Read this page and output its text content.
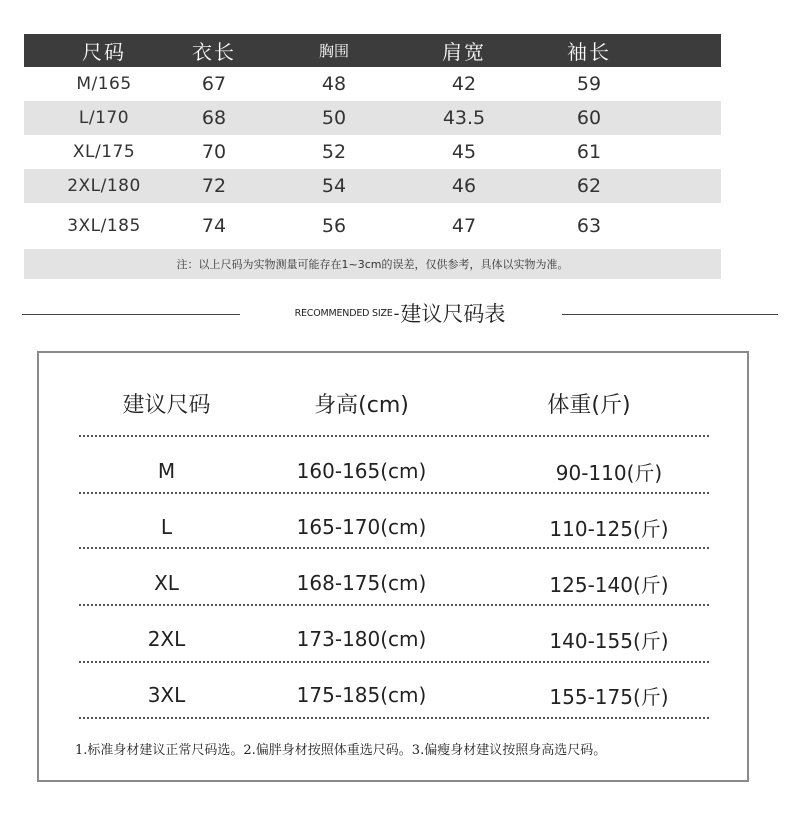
尺码	衣长	胸围	肩宽	袖长
M/165	67	48	42	59
L/170	68	50	43.5	60
XL/175	70	52	45	61
2XL/180	72	54	46	62
3XL/185	74	56	47	63
注：以上尺码为实物测量可能存在1~3cm的误差，仅供参考，具体以实物为准。
RECOMMENDED SIZE - 建议尺码表
建议尺码	身高(cm)	体重(斤)
M	160-165(cm)	90-110(斤)
L	165-170(cm)	110-125(斤)
XL	168-175(cm)	125-140(斤)
2XL	173-180(cm)	140-155(斤)
3XL	175-185(cm)	155-175(斤)
1.标准身材建议正常尺码选。2.偏胖身材按照体重选尺码。3.偏瘦身材建议按照身高选尺码。
